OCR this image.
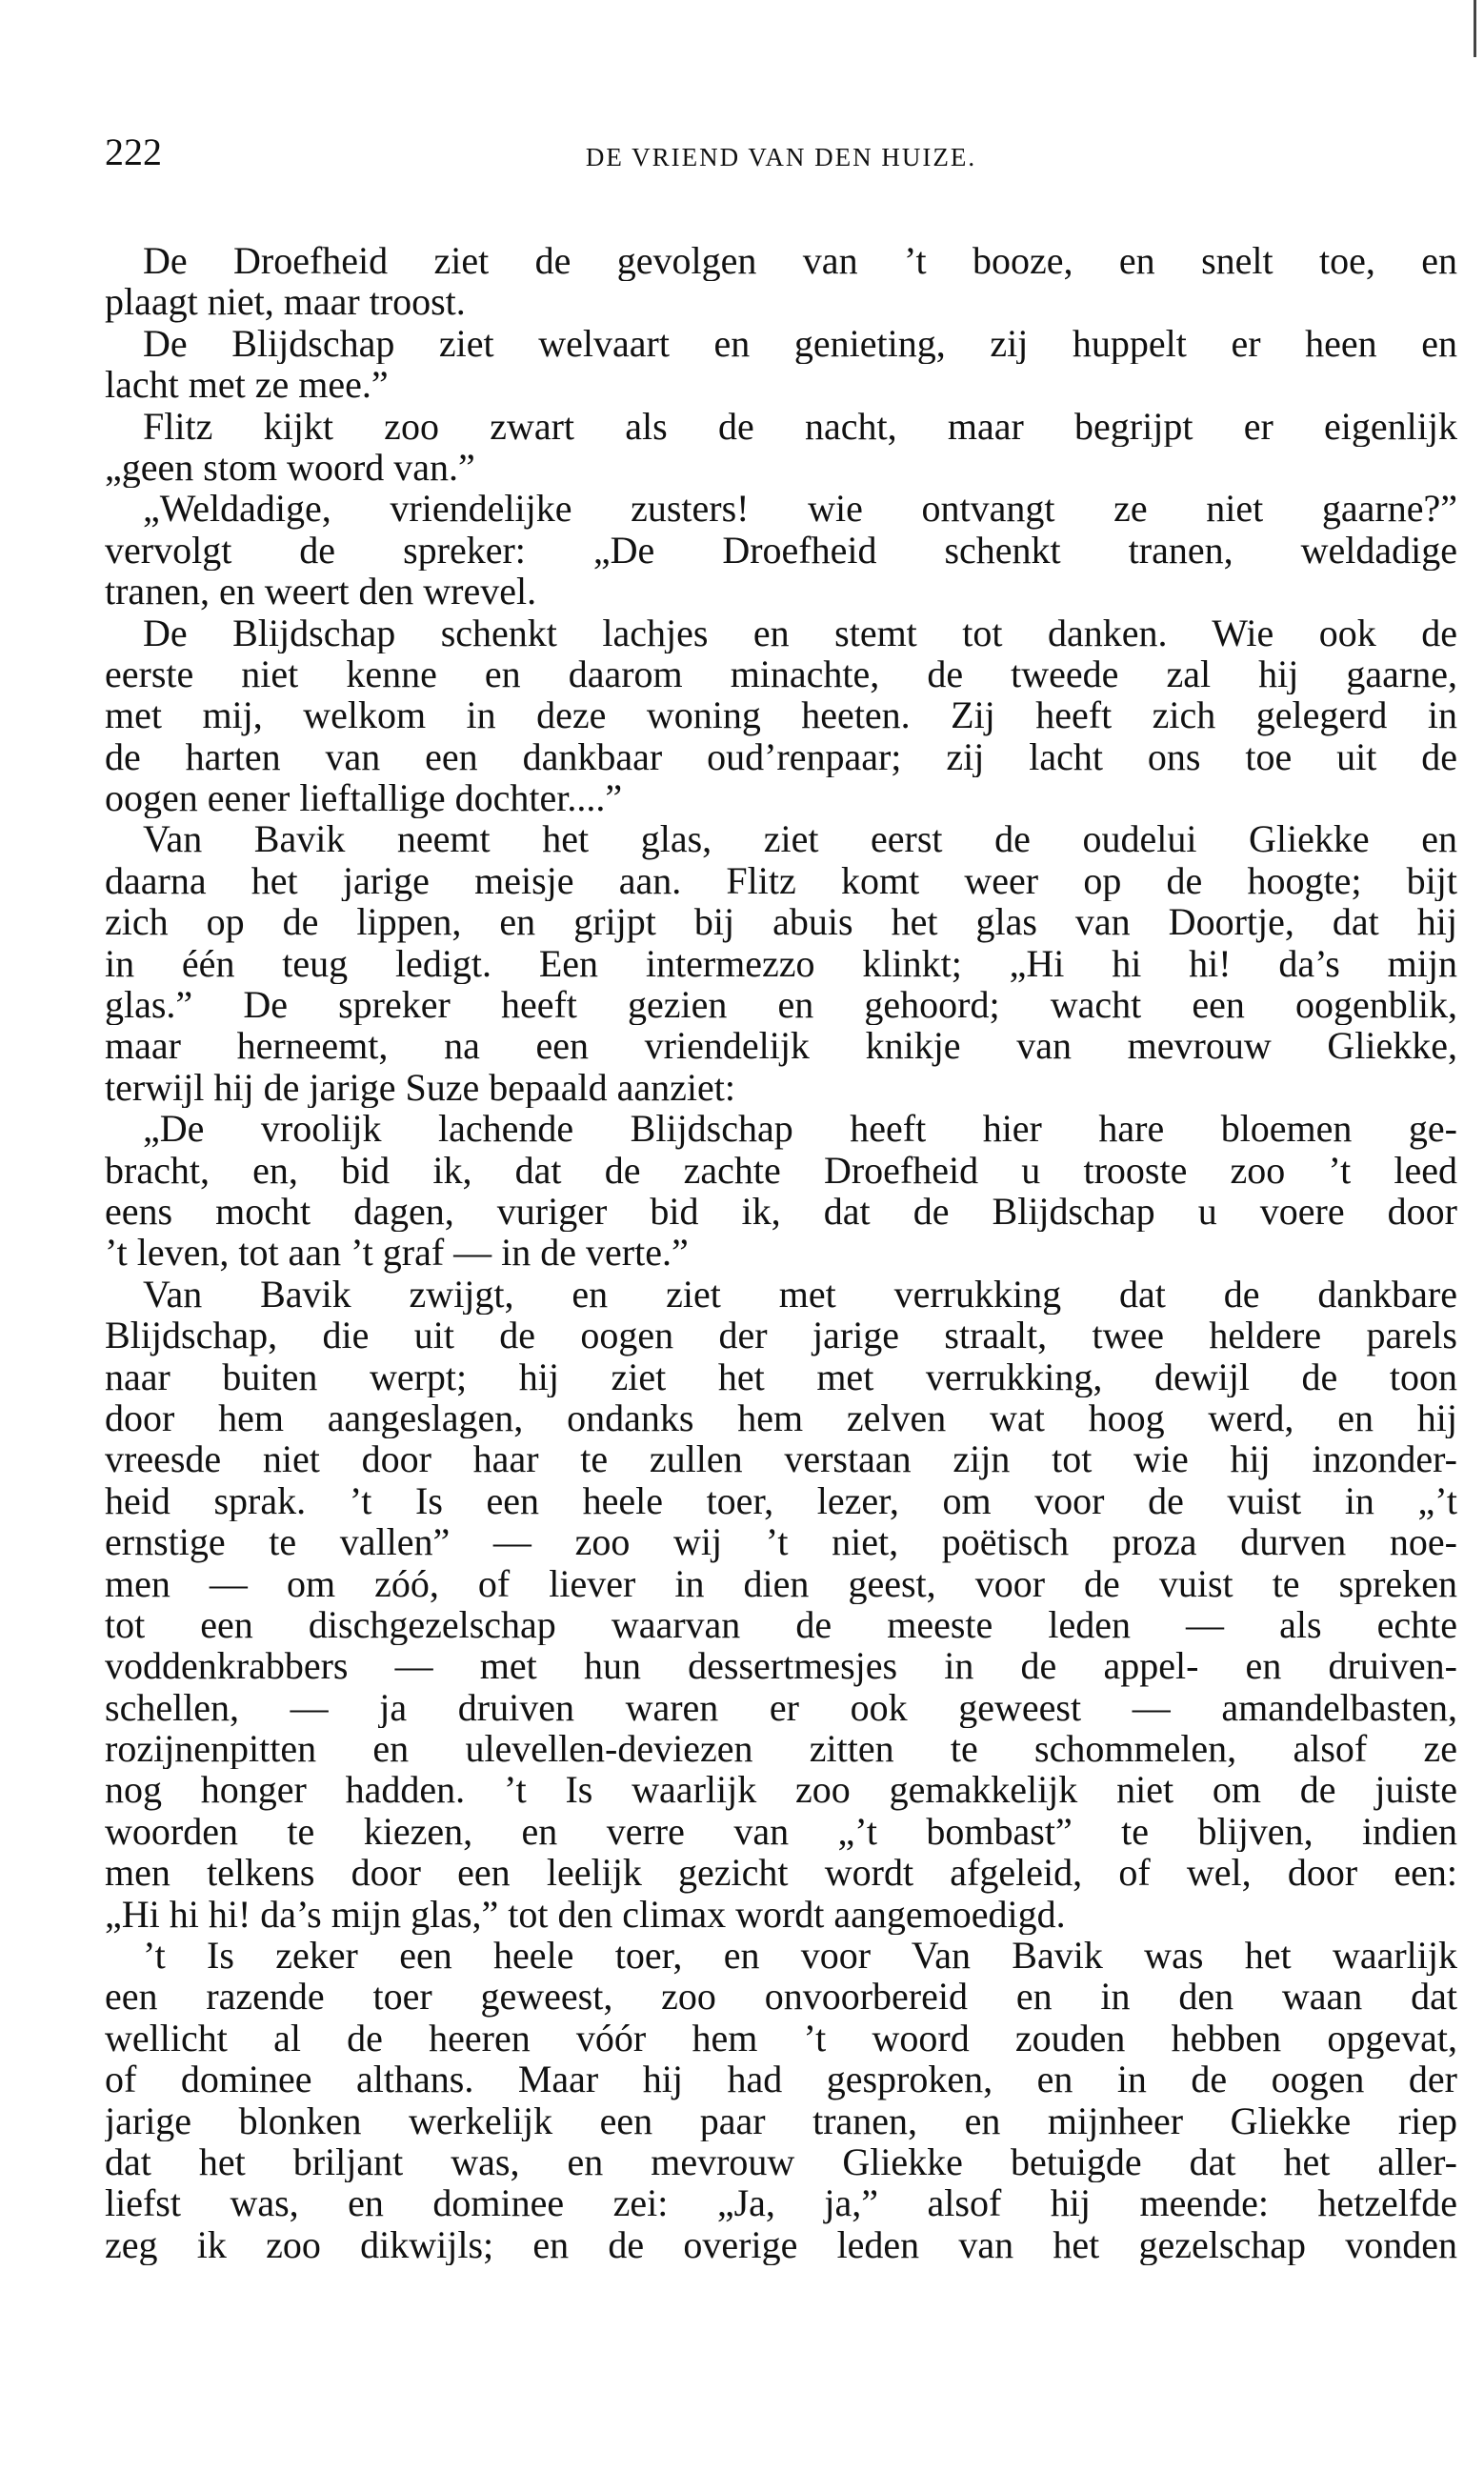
222	DE VRIEND VAN DEN HUIZE.
De Droefheid ziet de gevolgen van ’t booze, en snelt toe, en
plaagt niet, maar troost.
De Blijdschap ziet welvaart en genieting, zij huppelt er heen en
lacht met ze mee.”
Flitz kijkt zoo zwart als de nacht, maar begrijpt er eigenlijk
„geen stom woord van.”
„Weldadige, vriendelijke zusters! wie ontvangt ze niet gaarne?”
vervolgt de spreker: „De Droefheid schenkt tranen, weldadige
tranen, en weert den wrevel.
De Blijdschap schenkt lachjes en stemt tot danken. Wie ook de
eerste niet kenne en daarom minachte, de tweede zal hij gaarne,
met mij, welkom in deze woning heeten. Zij heeft zich gelegerd in
de harten van een dankbaar oud’renpaar; zij lacht ons toe uit de
oogen eener lieftallige dochter....”
Van Bavik neemt het glas, ziet eerst de oudelui Gliekke en
daarna het jarige meisje aan. Flitz komt weer op de hoogte; bijt
zich op de lippen, en grijpt bij abuis het glas van Doortje, dat hij
in één teug ledigt. Een intermezzo klinkt; „Hi hi hi! da’s mijn
glas.” De spreker heeft gezien en gehoord; wacht een oogenblik,
maar herneemt, na een vriendelijk knikje van mevrouw Gliekke,
terwijl hij de jarige Suze bepaald aanziet:
„De vroolijk lachende Blijdschap heeft hier hare bloemen ge-
bracht, en, bid ik, dat de zachte Droefheid u trooste zoo ’t leed
eens mocht dagen, vuriger bid ik, dat de Blijdschap u voere door
’t leven, tot aan ’t graf — in de verte.”
Van Bavik zwijgt, en ziet met verrukking dat de dankbare
Blijdschap, die uit de oogen der jarige straalt, twee heldere parels
naar buiten werpt; hij ziet het met verrukking, dewijl de toon
door hem aangeslagen, ondanks hem zelven wat hoog werd, en hij
vreesde niet door haar te zullen verstaan zijn tot wie hij inzonder-
heid sprak. ’t Is een heele toer, lezer, om voor de vuist in „’t
ernstige te vallen” — zoo wij ’t niet, poëtisch proza durven noe-
men — om zóó, of liever in dien geest, voor de vuist te spreken
tot een dischgezelschap waarvan de meeste leden — als echte
voddenkrabbers — met hun dessertmesjes in de appel- en druiven-
schellen, — ja druiven waren er ook geweest — amandelbasten,
rozijnenpitten en ulevellen-deviezen zitten te schommelen, alsof ze
nog honger hadden. ’t Is waarlijk zoo gemakkelijk niet om de juiste
woorden te kiezen, en verre van „’t bombast” te blijven, indien
men telkens door een leelijk gezicht wordt afgeleid, of wel, door een:
„Hi hi hi! da’s mijn glas,” tot den climax wordt aangemoedigd.
’t Is zeker een heele toer, en voor Van Bavik was het waarlijk
een razende toer geweest, zoo onvoorbereid en in den waan dat
wellicht al de heeren vóór hem ’t woord zouden hebben opgevat,
of dominee althans. Maar hij had gesproken, en in de oogen der
jarige blonken werkelijk een paar tranen, en mijnheer Gliekke riep
dat het briljant was, en mevrouw Gliekke betuigde dat het aller-
liefst was, en dominee zei: „Ja, ja,” alsof hij meende: hetzelfde
zeg ik zoo dikwijls; en de overige leden van het gezelschap vonden
